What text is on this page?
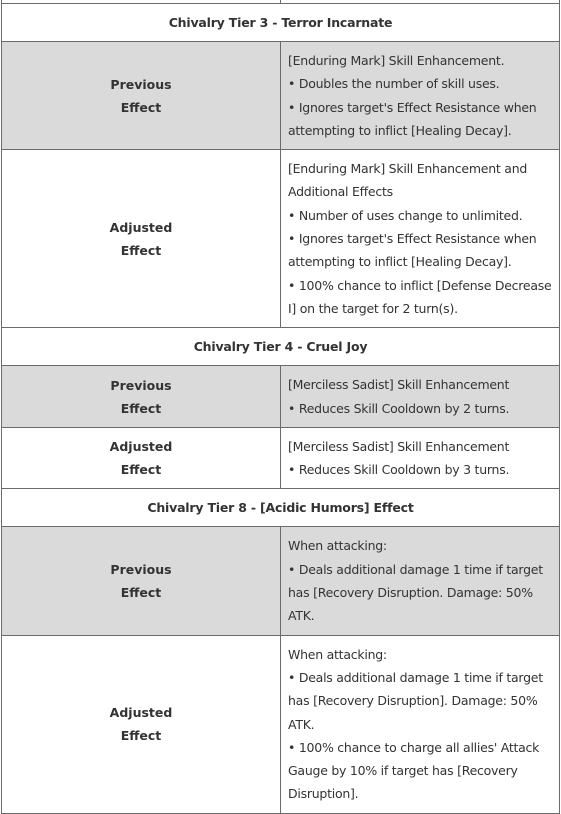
Chivalry Tier 3 - Terror Incarnate	

Previous
Effect	[Enduring Mark] Skill Enhancement.
• Doubles the number of skill uses.
• Ignores target's Effect Resistance when attempting to inflict [Healing Decay].

Adjusted
Effect	[Enduring Mark] Skill Enhancement and Additional Effects
• Number of uses change to unlimited.
• Ignores target's Effect Resistance when attempting to inflict [Healing Decay].
• 100% chance to inflict [Defense Decrease I] on the target for 2 turn(s).

Chivalry Tier 4 - Cruel Joy	

Previous
Effect	[Merciless Sadist] Skill Enhancement
• Reduces Skill Cooldown by 2 turns.

Adjusted
Effect	[Merciless Sadist] Skill Enhancement
• Reduces Skill Cooldown by 3 turns.

Chivalry Tier 8 - [Acidic Humors] Effect	

Previous
Effect	When attacking:
• Deals additional damage 1 time if target has [Recovery Disruption. Damage: 50% ATK.

Adjusted
Effect	When attacking:
• Deals additional damage 1 time if target has [Recovery Disruption]. Damage: 50% ATK.
• 100% chance to charge all allies' Attack Gauge by 10% if target has [Recovery Disruption].
